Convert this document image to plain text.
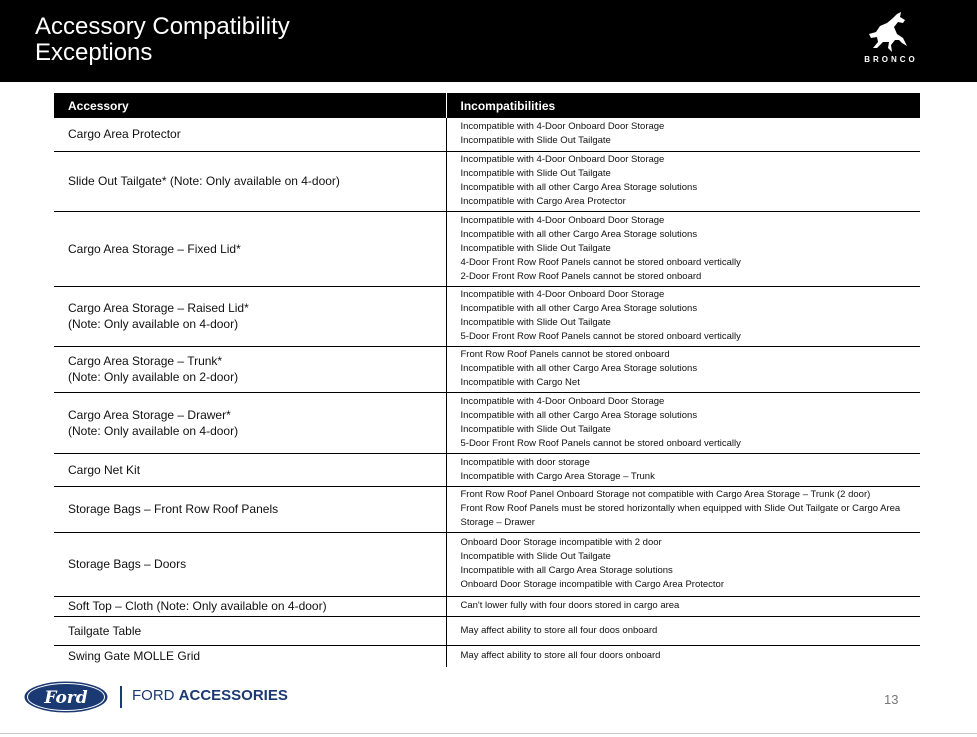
Accessory Compatibility
Exceptions	BRONCO
Accessory	Incompatibilities

Cargo Area Protector	Incompatible with 4-Door Onboard Door Storage
Incompatible with Slide Out Tailgate

Slide Out Tailgate* (Note: Only available on 4-door)	Incompatible with 4-Door Onboard Door Storage
Incompatible with Slide Out Tailgate
Incompatible with all other Cargo Area Storage solutions
Incompatible with Cargo Area Protector

Cargo Area Storage – Fixed Lid*	Incompatible with 4-Door Onboard Door Storage
Incompatible with all other Cargo Area Storage solutions
Incompatible with Slide Out Tailgate
4-Door Front Row Roof Panels cannot be stored onboard vertically
2-Door Front Row Roof Panels cannot be stored onboard

Cargo Area Storage – Raised Lid*
(Note: Only available on 4-door)	Incompatible with 4-Door Onboard Door Storage
Incompatible with all other Cargo Area Storage solutions
Incompatible with Slide Out Tailgate
5-Door Front Row Roof Panels cannot be stored onboard vertically

Cargo Area Storage – Trunk*
(Note: Only available on 2-door)	Front Row Roof Panels cannot be stored onboard
Incompatible with all other Cargo Area Storage solutions
Incompatible with Cargo Net

Cargo Area Storage – Drawer*
(Note: Only available on 4-door)	Incompatible with 4-Door Onboard Door Storage
Incompatible with all other Cargo Area Storage solutions
Incompatible with Slide Out Tailgate
5-Door Front Row Roof Panels cannot be stored onboard vertically

Cargo Net Kit	Incompatible with door storage
Incompatible with Cargo Area Storage – Trunk

Storage Bags – Front Row Roof Panels	Front Row Roof Panel Onboard Storage not compatible with Cargo Area Storage – Trunk (2 door)
Front Row Roof Panels must be stored horizontally when equipped with Slide Out Tailgate or Cargo Area Storage – Drawer

Storage Bags – Doors	Onboard Door Storage incompatible with 2 door
Incompatible with Slide Out Tailgate
Incompatible with all Cargo Area Storage solutions
Onboard Door Storage incompatible with Cargo Area Protector

Soft Top – Cloth (Note: Only available on 4-door)	Can't lower fully with four doors stored in cargo area

Tailgate Table	May affect ability to store all four doos onboard

Swing Gate MOLLE Grid	May affect ability to store all four doors onboard
Ford	FORD ACCESSORIES	13
